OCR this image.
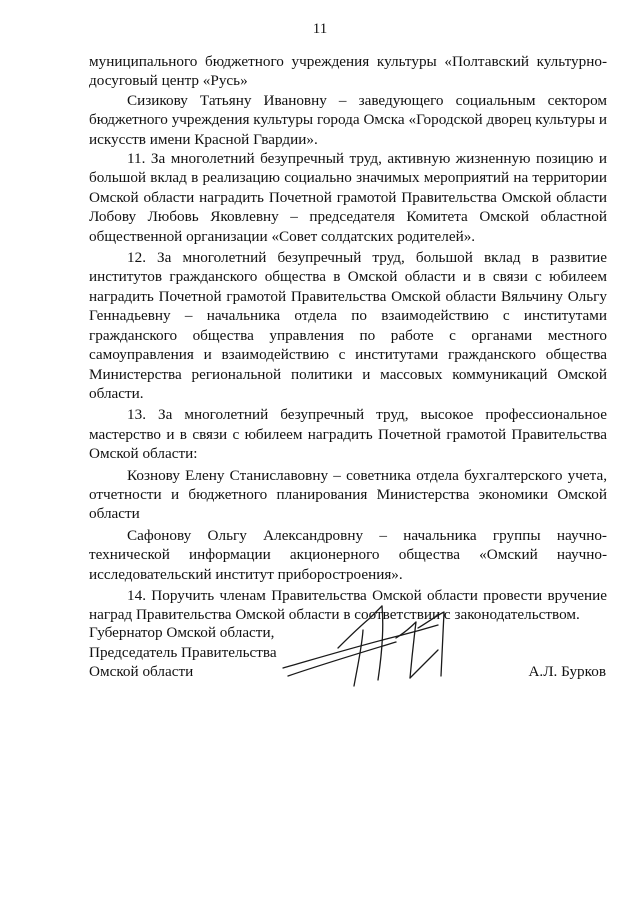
11

муниципального бюджетного учреждения культуры «Полтавский культурно-досуговый центр «Русь»

Сизикову Татьяну Ивановну – заведующего социальным сектором бюджетного учреждения культуры города Омска «Городской дворец культуры и искусств имени Красной Гвардии».

11. За многолетний безупречный труд, активную жизненную позицию и большой вклад в реализацию социально значимых мероприятий на территории Омской области наградить Почетной грамотой Правительства Омской области Лобову Любовь Яковлевну – председателя Комитета Омской областной общественной организации «Совет солдатских родителей».

12. За многолетний безупречный труд, большой вклад в развитие институтов гражданского общества в Омской области и в связи с юбилеем наградить Почетной грамотой Правительства Омской области Вяльчину Ольгу Геннадьевну – начальника отдела по взаимодействию с институтами гражданского общества управления по работе с органами местного самоуправления и взаимодействию с институтами гражданского общества Министерства региональной политики и массовых коммуникаций Омской области.

13. За многолетний безупречный труд, высокое профессиональное мастерство и в связи с юбилеем наградить Почетной грамотой Правительства Омской области:

Кознову Елену Станиславовну – советника отдела бухгалтерского учета, отчетности и бюджетного планирования Министерства экономики Омской области

Сафонову Ольгу Александровну – начальника группы научно-технической информации акционерного общества «Омский научно-исследовательский институт приборостроения».

14. Поручить членам Правительства Омской области провести вручение наград Правительства Омской области в соответствии с законодательством.

Губернатор Омской области,
Председатель Правительства
Омской области	А.Л. Бурков
